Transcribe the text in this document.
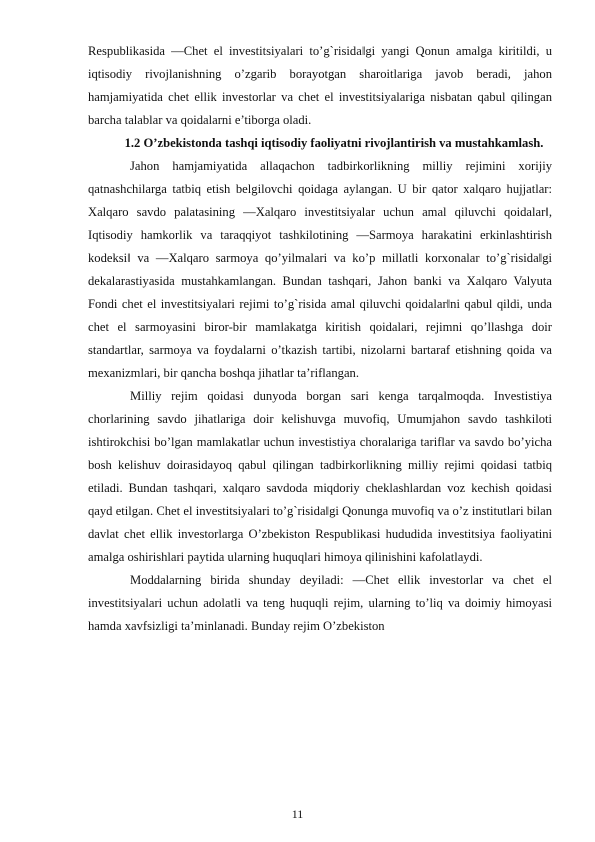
Respublikasida ―Chet el investitsiyalari to’g`risida‖gi yangi Qonun amalga kiritildi, u iqtisodiy rivojlanishning o’zgarib borayotgan sharoitlariga javob beradi, jahon hamjamiyatida chet ellik investorlar va chet el investitsiyalariga nisbatan qabul qilingan barcha talablar va qoidalarni e’tiborga oladi.

1.2 O’zbekistonda tashqi iqtisodiy faoliyatni rivojlantirish va mustahkamlash.

Jahon hamjamiyatida allaqachon tadbirkorlikning milliy rejimini xorijiy qatnashchilarga tatbiq etish belgilovchi qoidaga aylangan. U bir qator xalqaro hujjatlar: Xalqaro savdo palatasining ―Xalqaro investitsiyalar uchun amal qiluvchi qoidalar‖, Iqtisodiy hamkorlik va taraqqiyot tashkilotining ―Sarmoya harakatini erkinlashtirish kodeksi‖ va ―Xalqaro sarmoya qo’yilmalari va ko’p millatli korxonalar to’g`risida‖gi dekalarastiyasida mustahkamlangan. Bundan tashqari, Jahon banki va Xalqaro Valyuta Fondi chet el investitsiyalari rejimi to’g`risida amal qiluvchi qoidalar‖ni qabul qildi, unda chet el sarmoyasini biror-bir mamlakatga kiritish qoidalari, rejimni qo’llashga doir standartlar, sarmoya va foydalarni o’tkazish tartibi, nizolarni bartaraf etishning qoida va mexanizmlari, bir qancha boshqa jihatlar ta’riflangan.

Milliy rejim qoidasi dunyoda borgan sari kenga tarqalmoqda. Investistiya chorlarining savdo jihatlariga doir kelishuvga muvofiq, Umumjahon savdo tashkiloti ishtirokchisi bo’lgan mamlakatlar uchun investistiya choralariga tariflar va savdo bo’yicha bosh kelishuv doirasidayoq qabul qilingan tadbirkorlikning milliy rejimi qoidasi tatbiq etiladi. Bundan tashqari, xalqaro savdoda miqdoriy cheklashlardan voz kechish qoidasi qayd etilgan. Chet el investitsiyalari to’g`risida‖gi Qonunga muvofiq va o’z institutlari bilan davlat chet ellik investorlarga O’zbekiston Respublikasi hududida investitsiya faoliyatini amalga oshirishlari paytida ularning huquqlari himoya qilinishini kafolatlaydi.

Moddalarning birida shunday deyiladi: ―Chet ellik investorlar va chet el investitsiyalari uchun adolatli va teng huquqli rejim, ularning to’liq va doimiy himoyasi hamda xavfsizligi ta’minlanadi. Bunday rejim O’zbekiston

11
